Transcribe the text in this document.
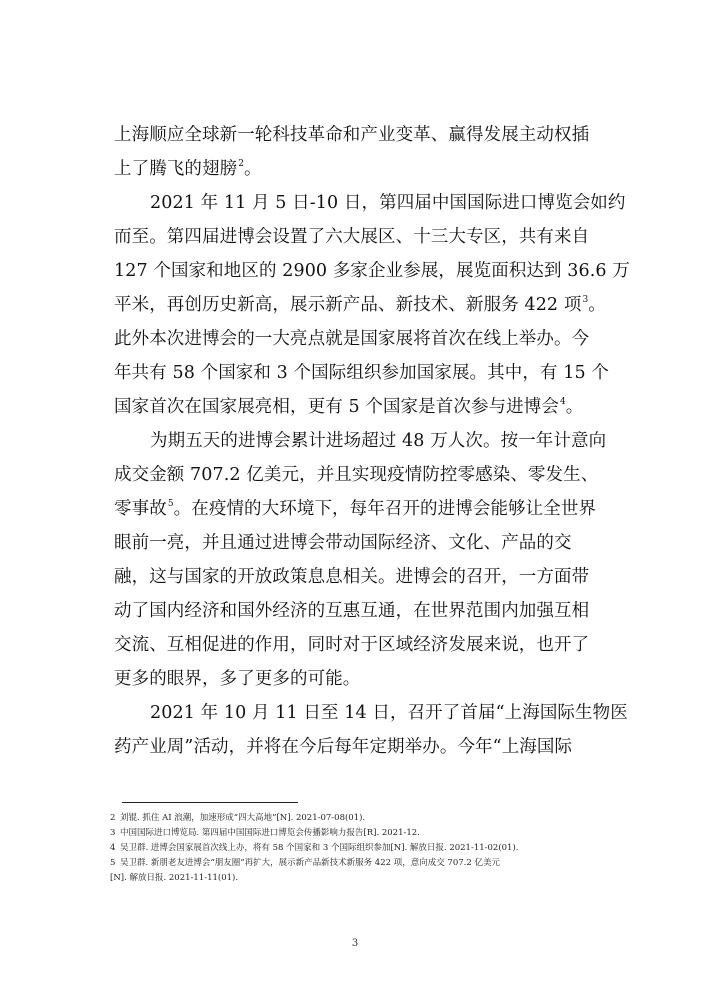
上海顺应全球新一轮科技革命和产业变革、赢得发展主动权插
上了腾飞的翅膀$^2$。
2021 年 11 月 5 日-10 日，第四届中国国际进口博览会如约
而至。第四届进博会设置了六大展区、十三大专区，共有来自
127 个国家和地区的 2900 多家企业参展，展览面积达到 36.6 万
平米，再创历史新高，展示新产品、新技术、新服务 422 项$^3$。
此外本次进博会的一大亮点就是国家展将首次在线上举办。今
年共有 58 个国家和 3 个国际组织参加国家展。其中，有 15 个
国家首次在国家展亮相，更有 5 个国家是首次参与进博会$^4$。
为期五天的进博会累计进场超过 48 万人次。按一年计意向
成交金额 707.2 亿美元，并且实现疫情防控零感染、零发生、
零事故$^5$。在疫情的大环境下，每年召开的进博会能够让全世界
眼前一亮，并且通过进博会带动国际经济、文化、产品的交
融，这与国家的开放政策息息相关。进博会的召开，一方面带
动了国内经济和国外经济的互惠互通，在世界范围内加强互相
交流、互相促进的作用，同时对于区域经济发展来说，也开了
更多的眼界，多了更多的可能。
2021 年 10 月 11 日至 14 日，召开了首届“上海国际生物医
药产业周”活动，并将在今后每年定期举办。今年“上海国际
2 刘锟. 抓住 AI 浪潮，加速形成“四大高地”[N]. 2021-07-08(01).
3 中国国际进口博览局. 第四届中国国际进口博览会传播影响力报告[R]. 2021-12.
4 吴卫群. 进博会国家展首次线上办，将有 58 个国家和 3 个国际组织参加[N]. 解放日报. 2021-11-02(01).
5 吴卫群. 新朋老友进博会“朋友圈”再扩大，展示新产品新技术新服务 422 项，意向成交 707.2 亿美元
[N]. 解放日报. 2021-11-11(01).
3
